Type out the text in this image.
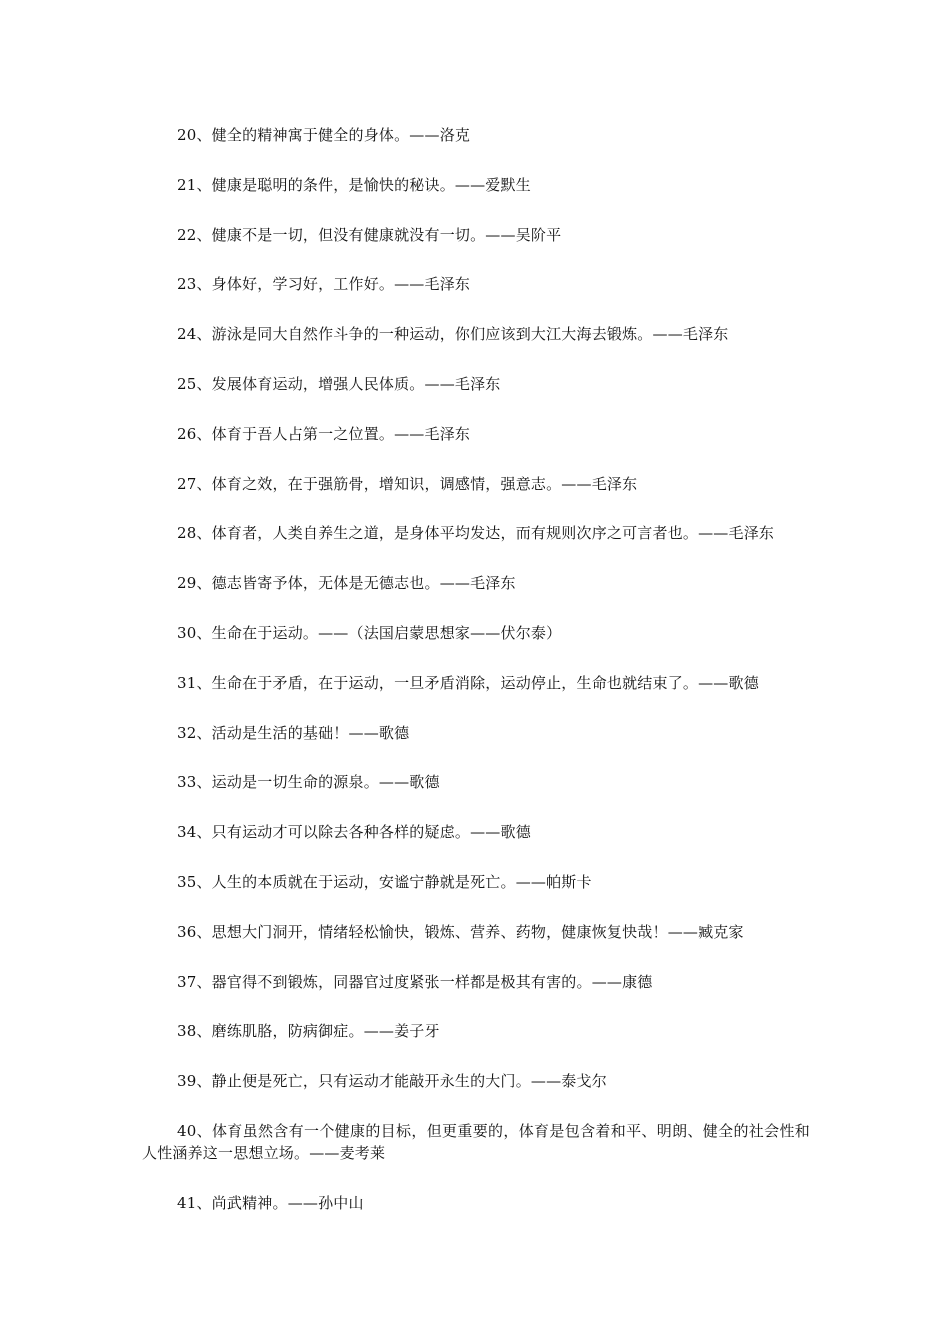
20、健全的精神寓于健全的身体。——洛克

21、健康是聪明的条件，是愉快的秘诀。——爱默生

22、健康不是一切，但没有健康就没有一切。——吴阶平

23、身体好，学习好，工作好。——毛泽东

24、游泳是同大自然作斗争的一种运动，你们应该到大江大海去锻炼。——毛泽东

25、发展体育运动，增强人民体质。——毛泽东

26、体育于吾人占第一之位置。——毛泽东

27、体育之效，在于强筋骨，增知识，调感情，强意志。——毛泽东

28、体育者，人类自养生之道，是身体平均发达，而有规则次序之可言者也。——毛泽东

29、德志皆寄予体，无体是无德志也。——毛泽东

30、生命在于运动。——（法国启蒙思想家——伏尔泰）

31、生命在于矛盾，在于运动，一旦矛盾消除，运动停止，生命也就结束了。——歌德

32、活动是生活的基础！——歌德

33、运动是一切生命的源泉。——歌德

34、只有运动才可以除去各种各样的疑虑。——歌德

35、人生的本质就在于运动，安谧宁静就是死亡。——帕斯卡

36、思想大门洞开，情绪轻松愉快，锻炼、营养、药物，健康恢复快哉！——臧克家

37、器官得不到锻炼，同器官过度紧张一样都是极其有害的。——康德

38、磨练肌胳，防病御症。——姜子牙

39、静止便是死亡，只有运动才能敲开永生的大门。——泰戈尔

40、体育虽然含有一个健康的目标，但更重要的，体育是包含着和平、明朗、健全的社会性和人性涵养这一思想立场。——麦考莱

41、尚武精神。——孙中山
